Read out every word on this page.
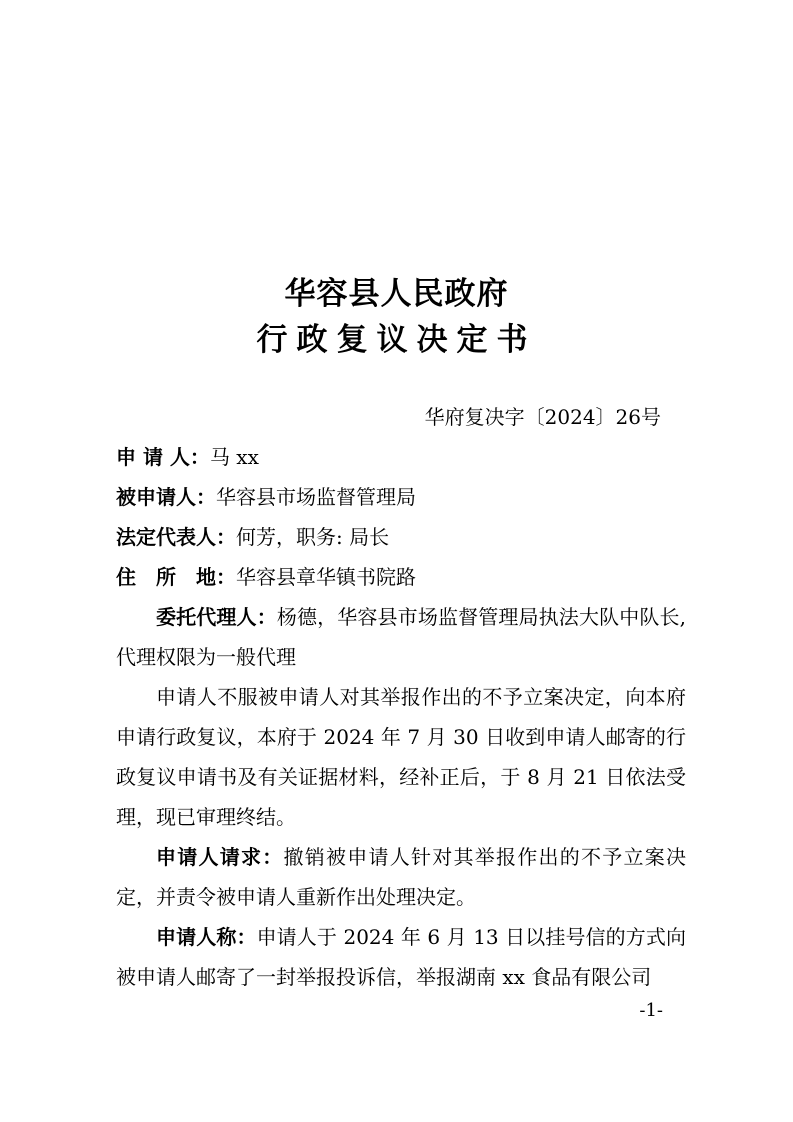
华容县人民政府
行政复议决定书
华府复决字〔2024〕26号

申 请 人：马 xx

被申请人：华容县市场监督管理局

法定代表人：何芳，职务: 局长

住　所　地：华容县章华镇书院路

委托代理人：杨德，华容县市场监督管理局执法大队中队长,代理权限为一般代理

申请人不服被申请人对其举报作出的不予立案决定，向本府申请行政复议，本府于 2024 年 7 月 30 日收到申请人邮寄的行政复议申请书及有关证据材料，经补正后，于 8 月 21 日依法受理，现已审理终结。

申请人请求：撤销被申请人针对其举报作出的不予立案决定，并责令被申请人重新作出处理决定。

申请人称：申请人于 2024 年 6 月 13 日以挂号信的方式向被申请人邮寄了一封举报投诉信，举报湖南 xx 食品有限公司

-1-
